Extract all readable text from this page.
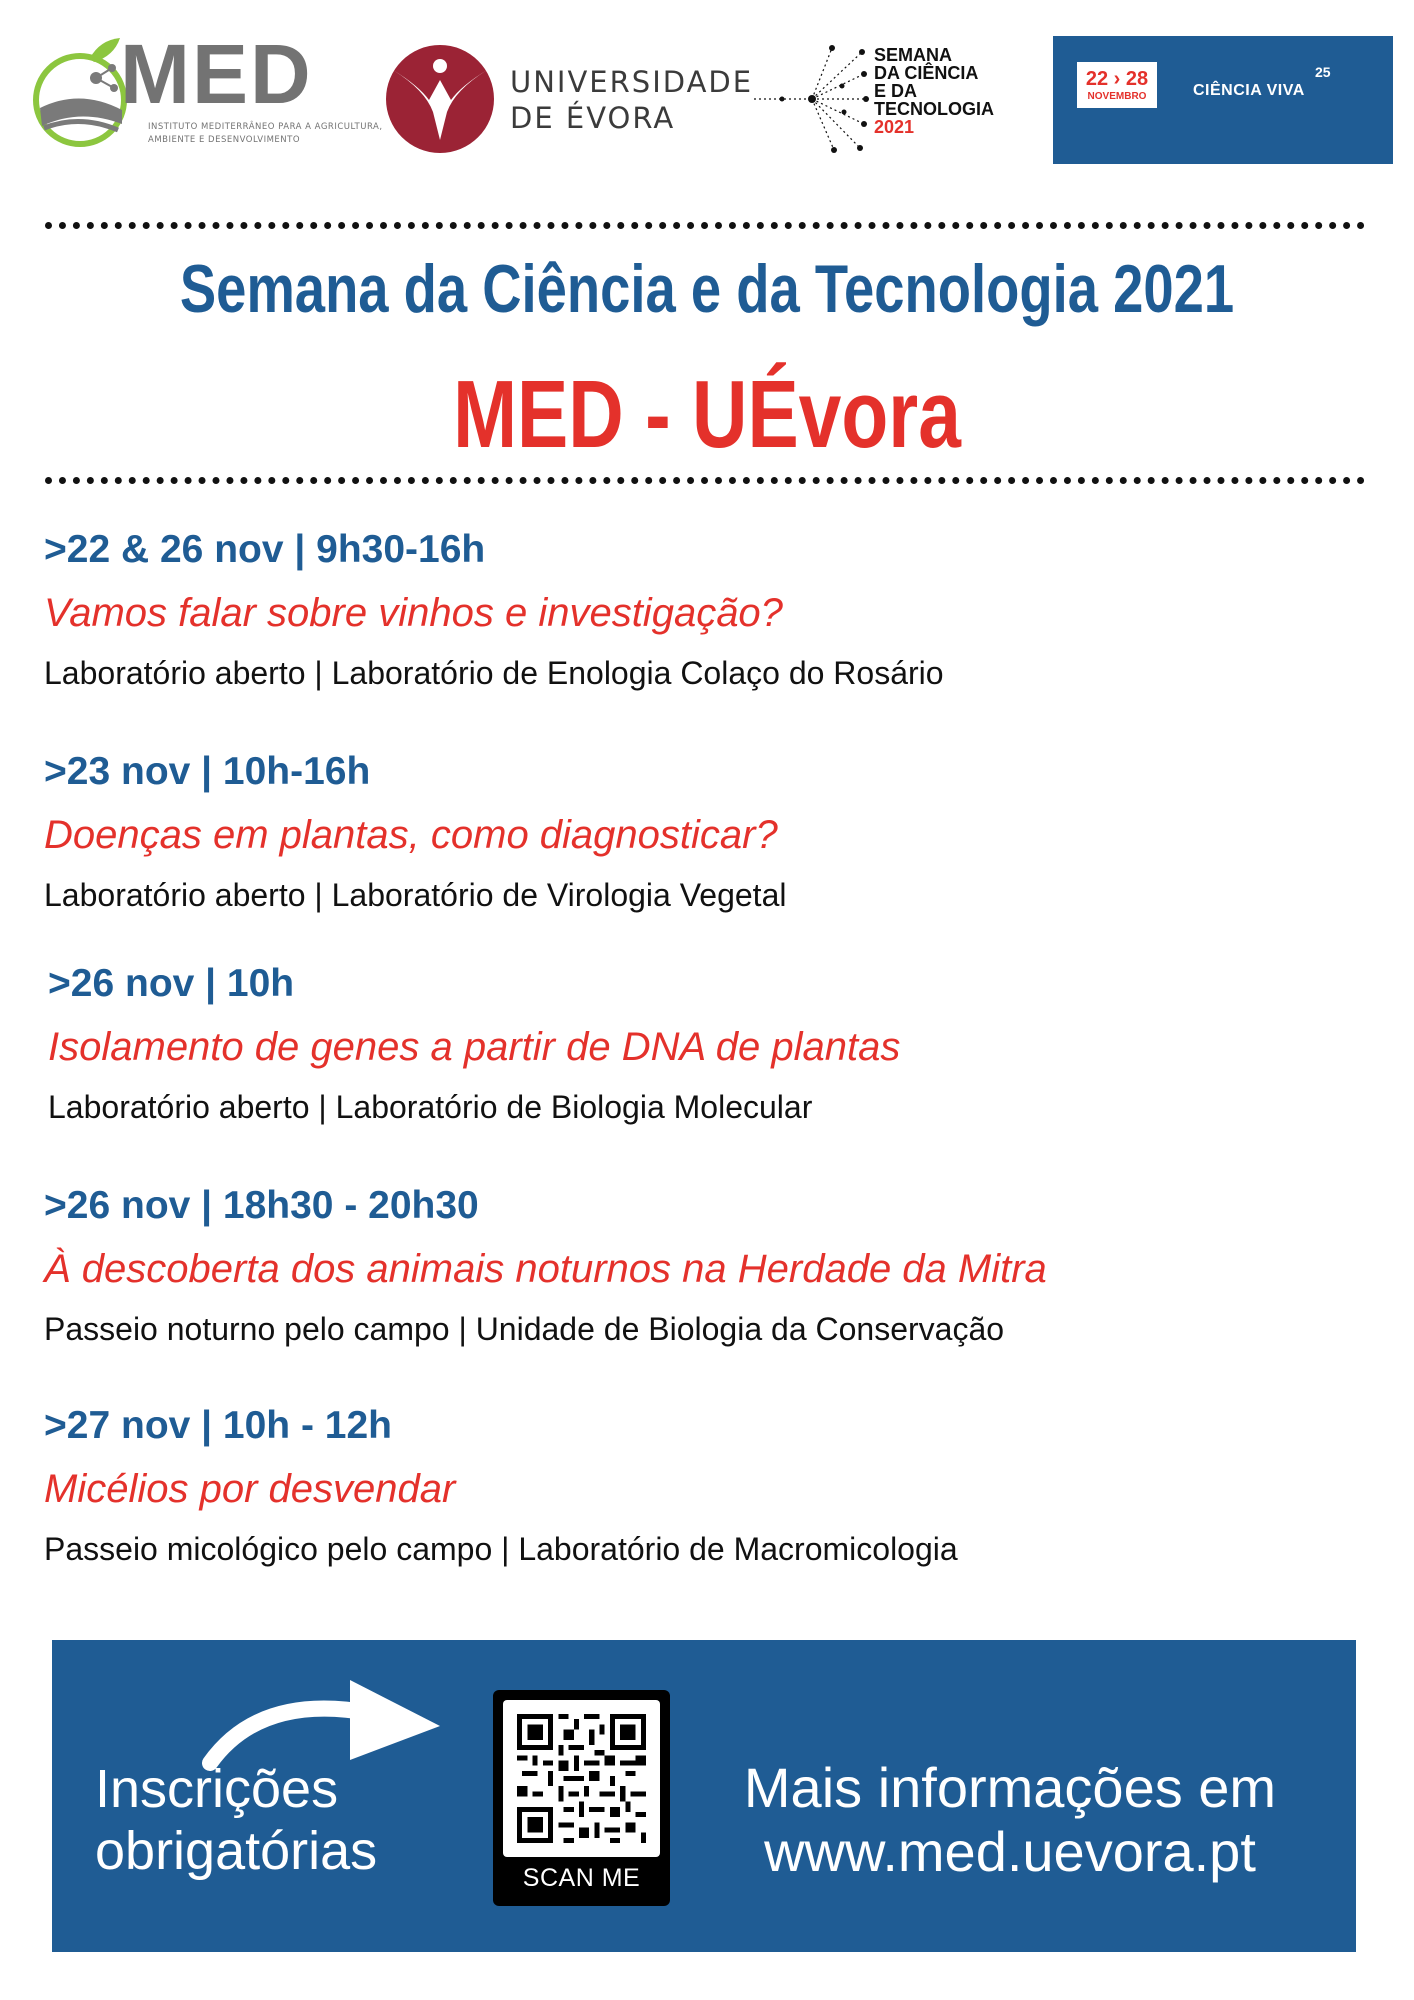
MED
INSTITUTO MEDITERRÂNEO PARA A AGRICULTURA,
AMBIENTE E DESENVOLVIMENTO
UNIVERSIDADE
DE ÉVORA
SEMANA
DA CIÊNCIA
E DA
TECNOLOGIA
2021
22 › 28
NOVEMBRO	CIÊNCIA VIVA
25
Semana da Ciência e da Tecnologia 2021
MED - UÉvora
>22 & 26 nov | 9h30-16h
Vamos falar sobre vinhos e investigação?
Laboratório aberto | Laboratório de Enologia Colaço do Rosário
>23 nov | 10h-16h
Doenças em plantas, como diagnosticar?
Laboratório aberto | Laboratório de Virologia Vegetal
>26 nov | 10h
Isolamento de genes a partir de DNA de plantas
Laboratório aberto | Laboratório de Biologia Molecular
>26 nov | 18h30 - 20h30
À descoberta dos animais noturnos na Herdade da Mitra
Passeio noturno pelo campo | Unidade de Biologia da Conservação
>27 nov | 10h - 12h
Micélios por desvendar
Passeio micológico pelo campo | Laboratório de Macromicologia
Inscrições
obrigatórias	SCAN ME
Mais informações em
www.med.uevora.pt
